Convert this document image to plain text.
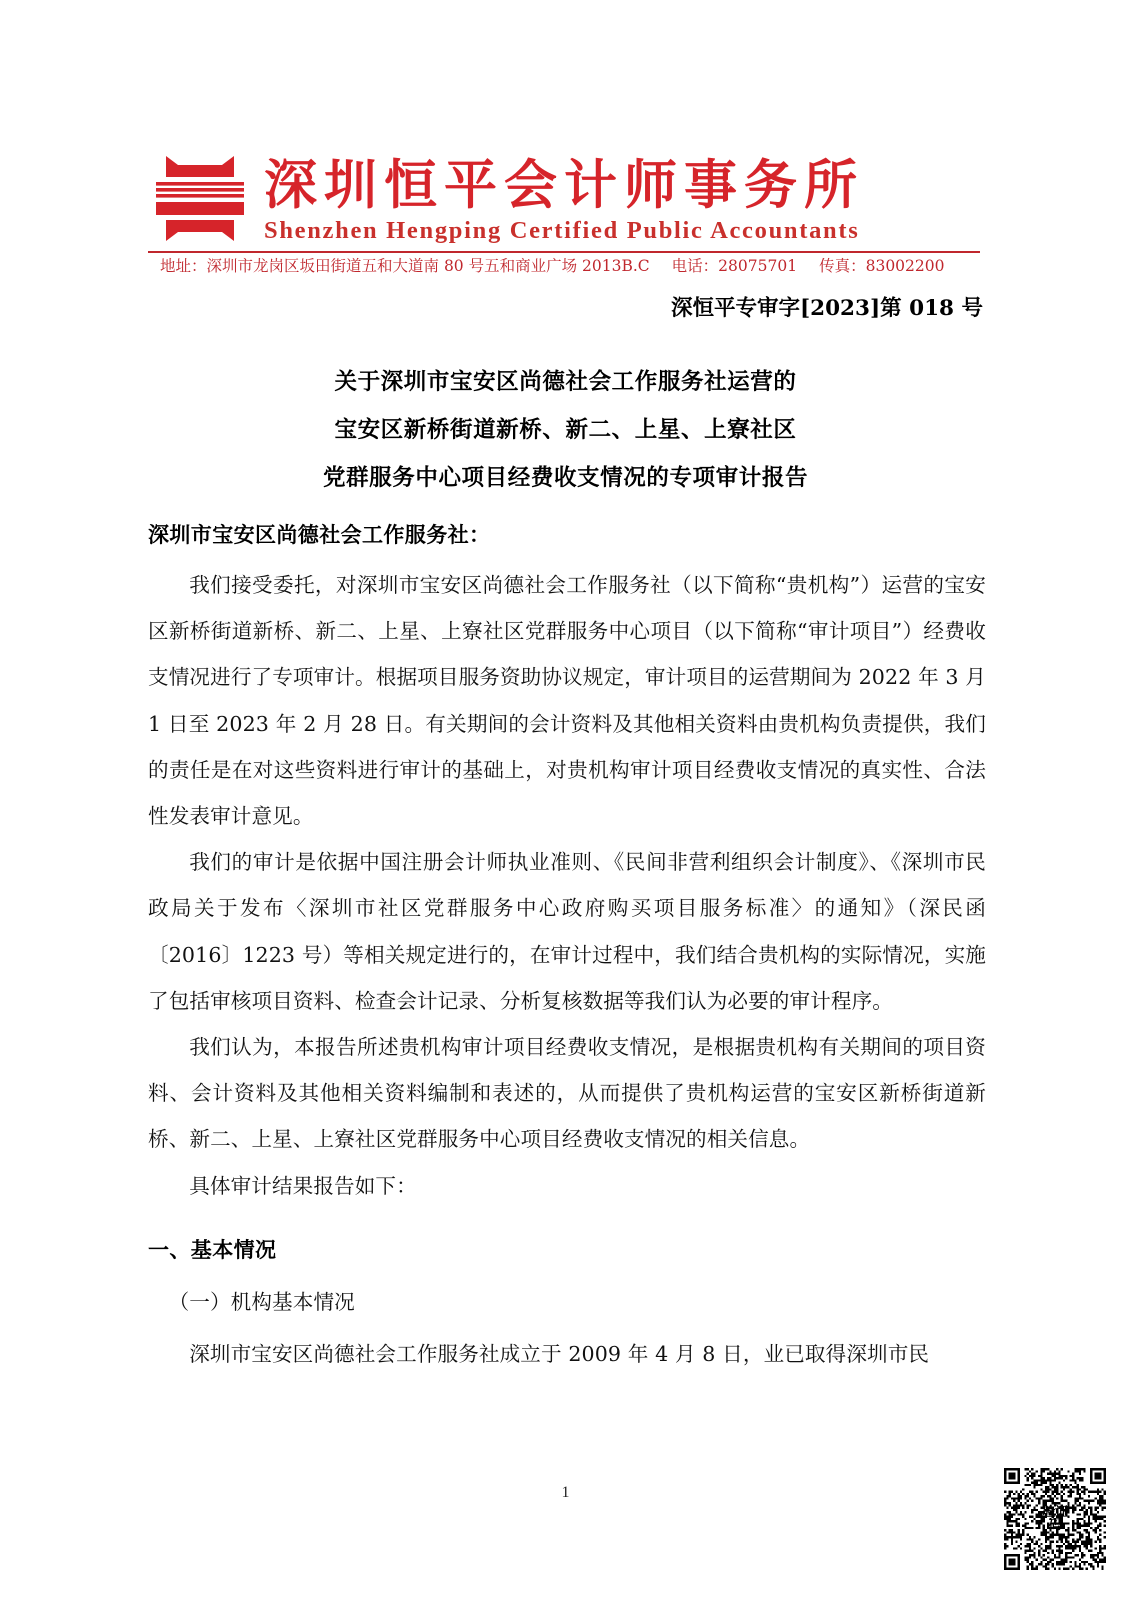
深圳恒平会计师事务所
Shenzhen Hengping Certified Public Accountants
地址：深圳市龙岗区坂田街道五和大道南 80 号五和商业广场 2013B.C 电话：28075701 传真：83002200
深恒平专审字[2023]第 018 号
关于深圳市宝安区尚德社会工作服务社运营的
宝安区新桥街道新桥、新二、上星、上寮社区
党群服务中心项目经费收支情况的专项审计报告
深圳市宝安区尚德社会工作服务社：

我们接受委托，对深圳市宝安区尚德社会工作服务社（以下简称“贵机构”）运营的宝安区新桥街道新桥、新二、上星、上寮社区党群服务中心项目（以下简称“审计项目”）经费收支情况进行了专项审计。根据项目服务资助协议规定，审计项目的运营期间为 2022 年 3 月 1 日至 2023 年 2 月 28 日。有关期间的会计资料及其他相关资料由贵机构负责提供，我们的责任是在对这些资料进行审计的基础上，对贵机构审计项目经费收支情况的真实性、合法性发表审计意见。

我们的审计是依据中国注册会计师执业准则、《民间非营利组织会计制度》、《深圳市民政局关于发布〈深圳市社区党群服务中心政府购买项目服务标准〉的通知》（深民函〔2016〕1223 号）等相关规定进行的，在审计过程中，我们结合贵机构的实际情况，实施了包括审核项目资料、检查会计记录、分析复核数据等我们认为必要的审计程序。

我们认为，本报告所述贵机构审计项目经费收支情况，是根据贵机构有关期间的项目资料、会计资料及其他相关资料编制和表述的，从而提供了贵机构运营的宝安区新桥街道新桥、新二、上星、上寮社区党群服务中心项目经费收支情况的相关信息。

具体审计结果报告如下：

一、基本情况
（一）机构基本情况

深圳市宝安区尚德社会工作服务社成立于 2009 年 4 月 8 日，业已取得深圳市民

1
验证
码
